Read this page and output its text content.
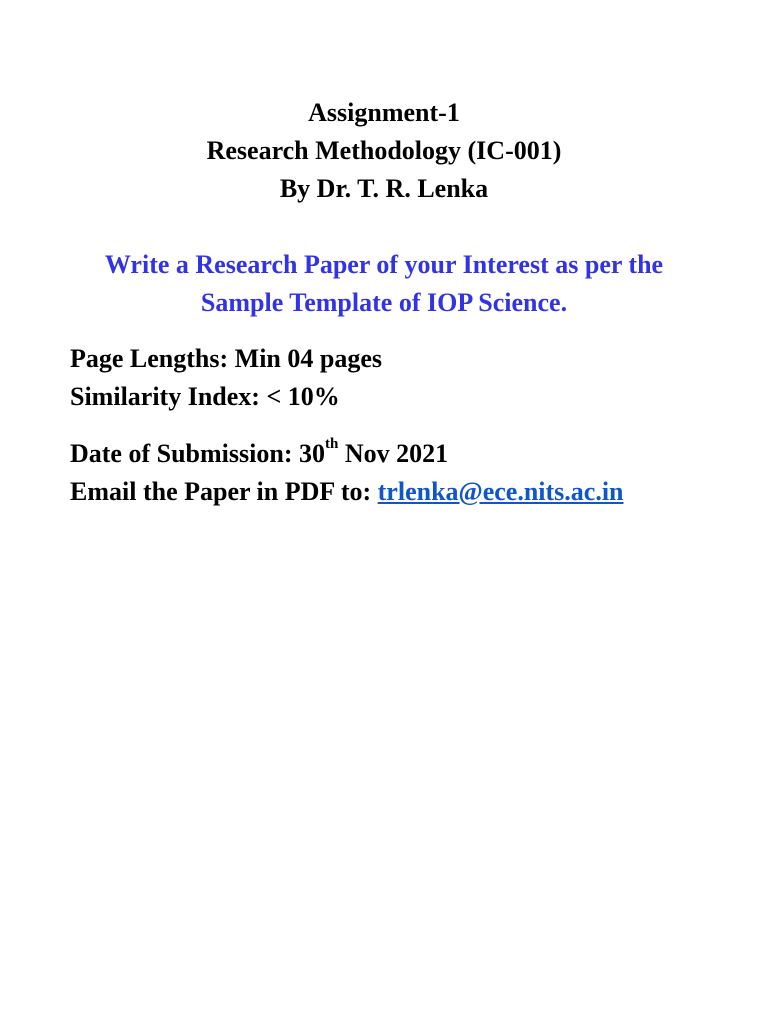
Assignment-1
Research Methodology (IC-001)
By Dr. T. R. Lenka
Write a Research Paper of your Interest as per the
Sample Template of IOP Science.
Page Lengths: Min 04 pages
Similarity Index: < 10%
Date of Submission: 30th Nov 2021
Email the Paper in PDF to: trlenka@ece.nits.ac.in
